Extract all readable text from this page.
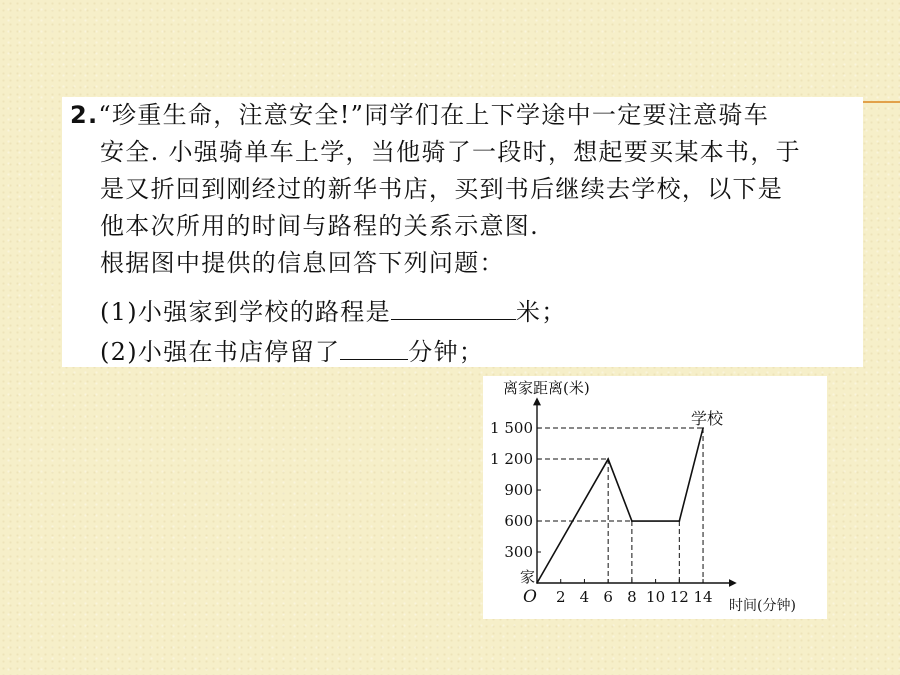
2.“珍重生命，注意安全!”同学们在上下学途中一定要注意骑车
安全. 小强骑单车上学，当他骑了一段时，想起要买某本书，于
是又折回到刚经过的新华书店，买到书后继续去学校，以下是
他本次所用的时间与路程的关系示意图.
根据图中提供的信息回答下列问题：
(1)小强家到学校的路程是	米；
(2)小强在书店停留了	分钟；
2 4 6 8 10 12 14
300
600
900
1 200
1 500
离家距离(米)
时间(分钟)
O
家
学校
